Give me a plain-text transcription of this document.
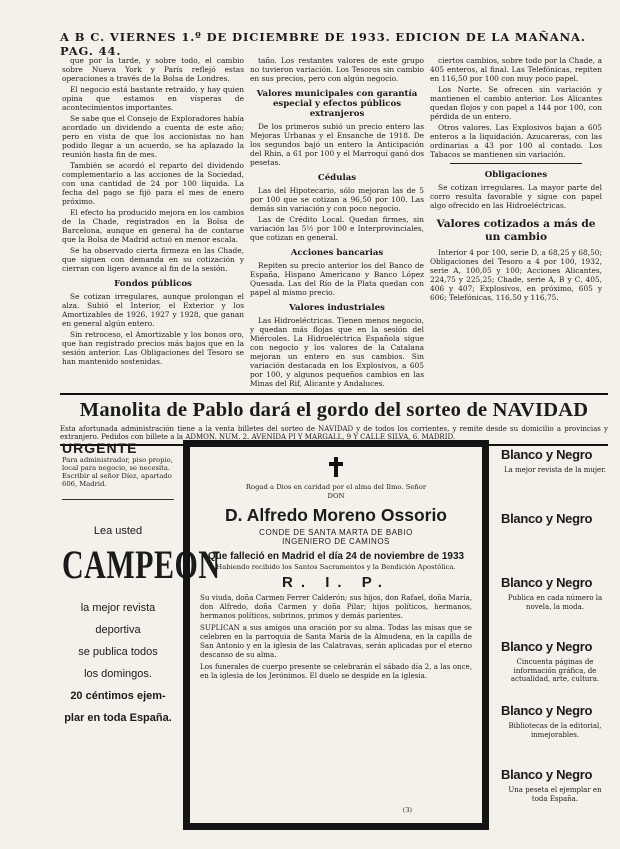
A B C. VIERNES 1.º DE DICIEMBRE DE 1933. EDICION DE LA MAÑANA. PAG. 44.

que por la tarde, y sobre todo, el cambio sobre Nueva York y París reflejó estas operaciones a través de la Bolsa de Londres.

El negocio está bastante retraído, y hay quien opina que estamos en vísperas de acontecimientos importantes.

Se sabe que el Consejo de Exploradores había acordado un dividendo a cuenta de este año; pero en vista de que los accionistas no han podido llegar a un acuerdo, se ha aplazado la reunión hasta fin de mes.

También se acordó el reparto del dividendo complementario a las acciones de la Sociedad, con una cantidad de 24 por 100 líquida. La fecha del pago se fijó para el mes de enero próximo.

El efecto ha producido mejora en los cambios de la Chade, registrados en la Bolsa de Barcelona, aunque en general ha de contarse que la Bolsa de Madrid actuó en menor escala.

Se ha observado cierta firmeza en las Chade, que siguen con demanda en su cotización y cierran con ligero avance al fin de la sesión.

Fondos públicos

Se cotizan irregulares, aunque prolongan el alza. Subió el Interior, el Exterior y los Amortizables de 1926, 1927 y 1928, que ganan en general algún entero.

Sin retroceso, el Amortizable y los bonos oro, que han registrado precios más bajos que en la sesión anterior. Las Obligaciones del Tesoro se han mantenido sostenidas.

taño. Los restantes valores de este grupo no tuvieron variación. Los Tesoros sin cambio en sus precios, pero con algún negocio.

Valores municipales con garantía especial y efectos públicos extranjeros

De los primeros subió un precio entero las Mejoras Urbanas y el Ensanche de 1918. De los segundos bajó un entero la Anticipación del Rhin, a 61 por 100 y el Marroquí ganó dos pesetas.

Cédulas

Las del Hipotecario, sólo mejoran las de 5 por 100 que se cotizan a 96,50 por 100. Las demás sin variación y con poco negocio.

Las de Crédito Local. Quedan firmes, sin variación las 5½ por 100 e Interprovinciales, que cotizan en general.

Acciones bancarias

Repiten su precio anterior los del Banco de España, Hispano Americano y Banco López Quesada. Las del Río de la Plata quedan con papel al mismo precio.

Valores industriales

Las Hidroeléctricas. Tienen menos negocio, y quedan más flojas que en la sesión del Miércoles. La Hidroeléctrica Española sigue con negocio y los valores de la Catalana mejoran un entero en sus cambios. Sin variación destacada en los Explosivos, a 605 por 100, y algunos pequeños cambios en las Minas del Rif, Alicante y Andaluces.

ciertos cambios, sobre todo por la Chade, a 405 enteros, al final. Las Telefónicas, repiten en 116,50 por 100 con muy poco papel.

Los Norte. Se ofrecen sin variación y mantienen el cambio anterior. Los Alicantes quedan flojos y con papel a 144 por 100, con pérdida de un entero.

Otros valores. Las Explosivos bajan a 605 enteros a la liquidación. Azucareras, con las ordinarias a 43 por 100 al contado. Los Tabacos se mantienen sin variación.

Obligaciones

Se cotizan irregulares. La mayor parte del corro resulta favorable y sigue con papel algo ofrecido en las Hidroeléctricas.

Valores cotizados a más de un cambio

Interior 4 por 100, serie D, a 68,25 y 68,50; Obligaciones del Tesoro a 4 por 100, 1932, serie A, 100,05 y 100; Acciones Alicantes, 224,75 y 225,25; Chade, serie A, B y C, 405, 406 y 407; Explosivos, en próximo, 605 y 606; Telefónicas, 116,50 y 116,75.

Manolita de Pablo dará el gordo del sorteo de NAVIDAD
Esta afortunada administración tiene a la venta billetes del sorteo de NAVIDAD y de todos los corrientes, y remite desde su domicilio a provincias y extranjero. Pedidos con billete a la ADMON. NUM. 2. AVENIDA PI Y MARGALL, 9 Y CALLE SILVA, 6. MADRID.
URGENTE
Para administrador, piso propio, local para negocio, se necesita. Escribir al señor Díez, apartado 606, Madrid.
Lea usted
CAMPEON
la mejor revista
deportiva
se publica todos
los domingos.
20 céntimos ejem-
plar en toda España.
Rogad a Dios en caridad por el alma del Ilmo. Señor
DON
D. Alfredo Moreno Ossorio
CONDE DE SANTA MARTA DE BABIO
INGENIERO DE CAMINOS
Que falleció en Madrid el día 24 de noviembre de 1933
Habiendo recibido los Santos Sacramentos y la Bendición Apostólica.
R. I. P.

Su viuda, doña Carmen Ferrer Calderón; sus hijos, don Rafael, doña María, don Alfredo, doña Carmen y doña Pilar; hijos políticos, hermanos, hermanos políticos, sobrinos, primos y demás parientes.

SUPLICAN a sus amigos una oración por su alma. Todas las misas que se celebren en la parroquia de Santa María de la Almudena, en la capilla de San Antonio y en la iglesia de las Calatravas, serán aplicadas por el eterno descanso de su alma.

Los funerales de cuerpo presente se celebrarán el sábado día 2, a las once, en la iglesia de los Jerónimos. El duelo se despide en la iglesia.

(3)
Blanco y Negro
La mejor revista de la mujer.
Blanco y Negro
Blanco y Negro
Publica en cada número la novela, la moda.
Blanco y Negro
Cincuenta páginas de información gráfica, de actualidad, arte, cultura.
Blanco y Negro
Bibliotecas de la editorial, inmejorables.
Blanco y Negro
Una peseta el ejemplar en toda España.
